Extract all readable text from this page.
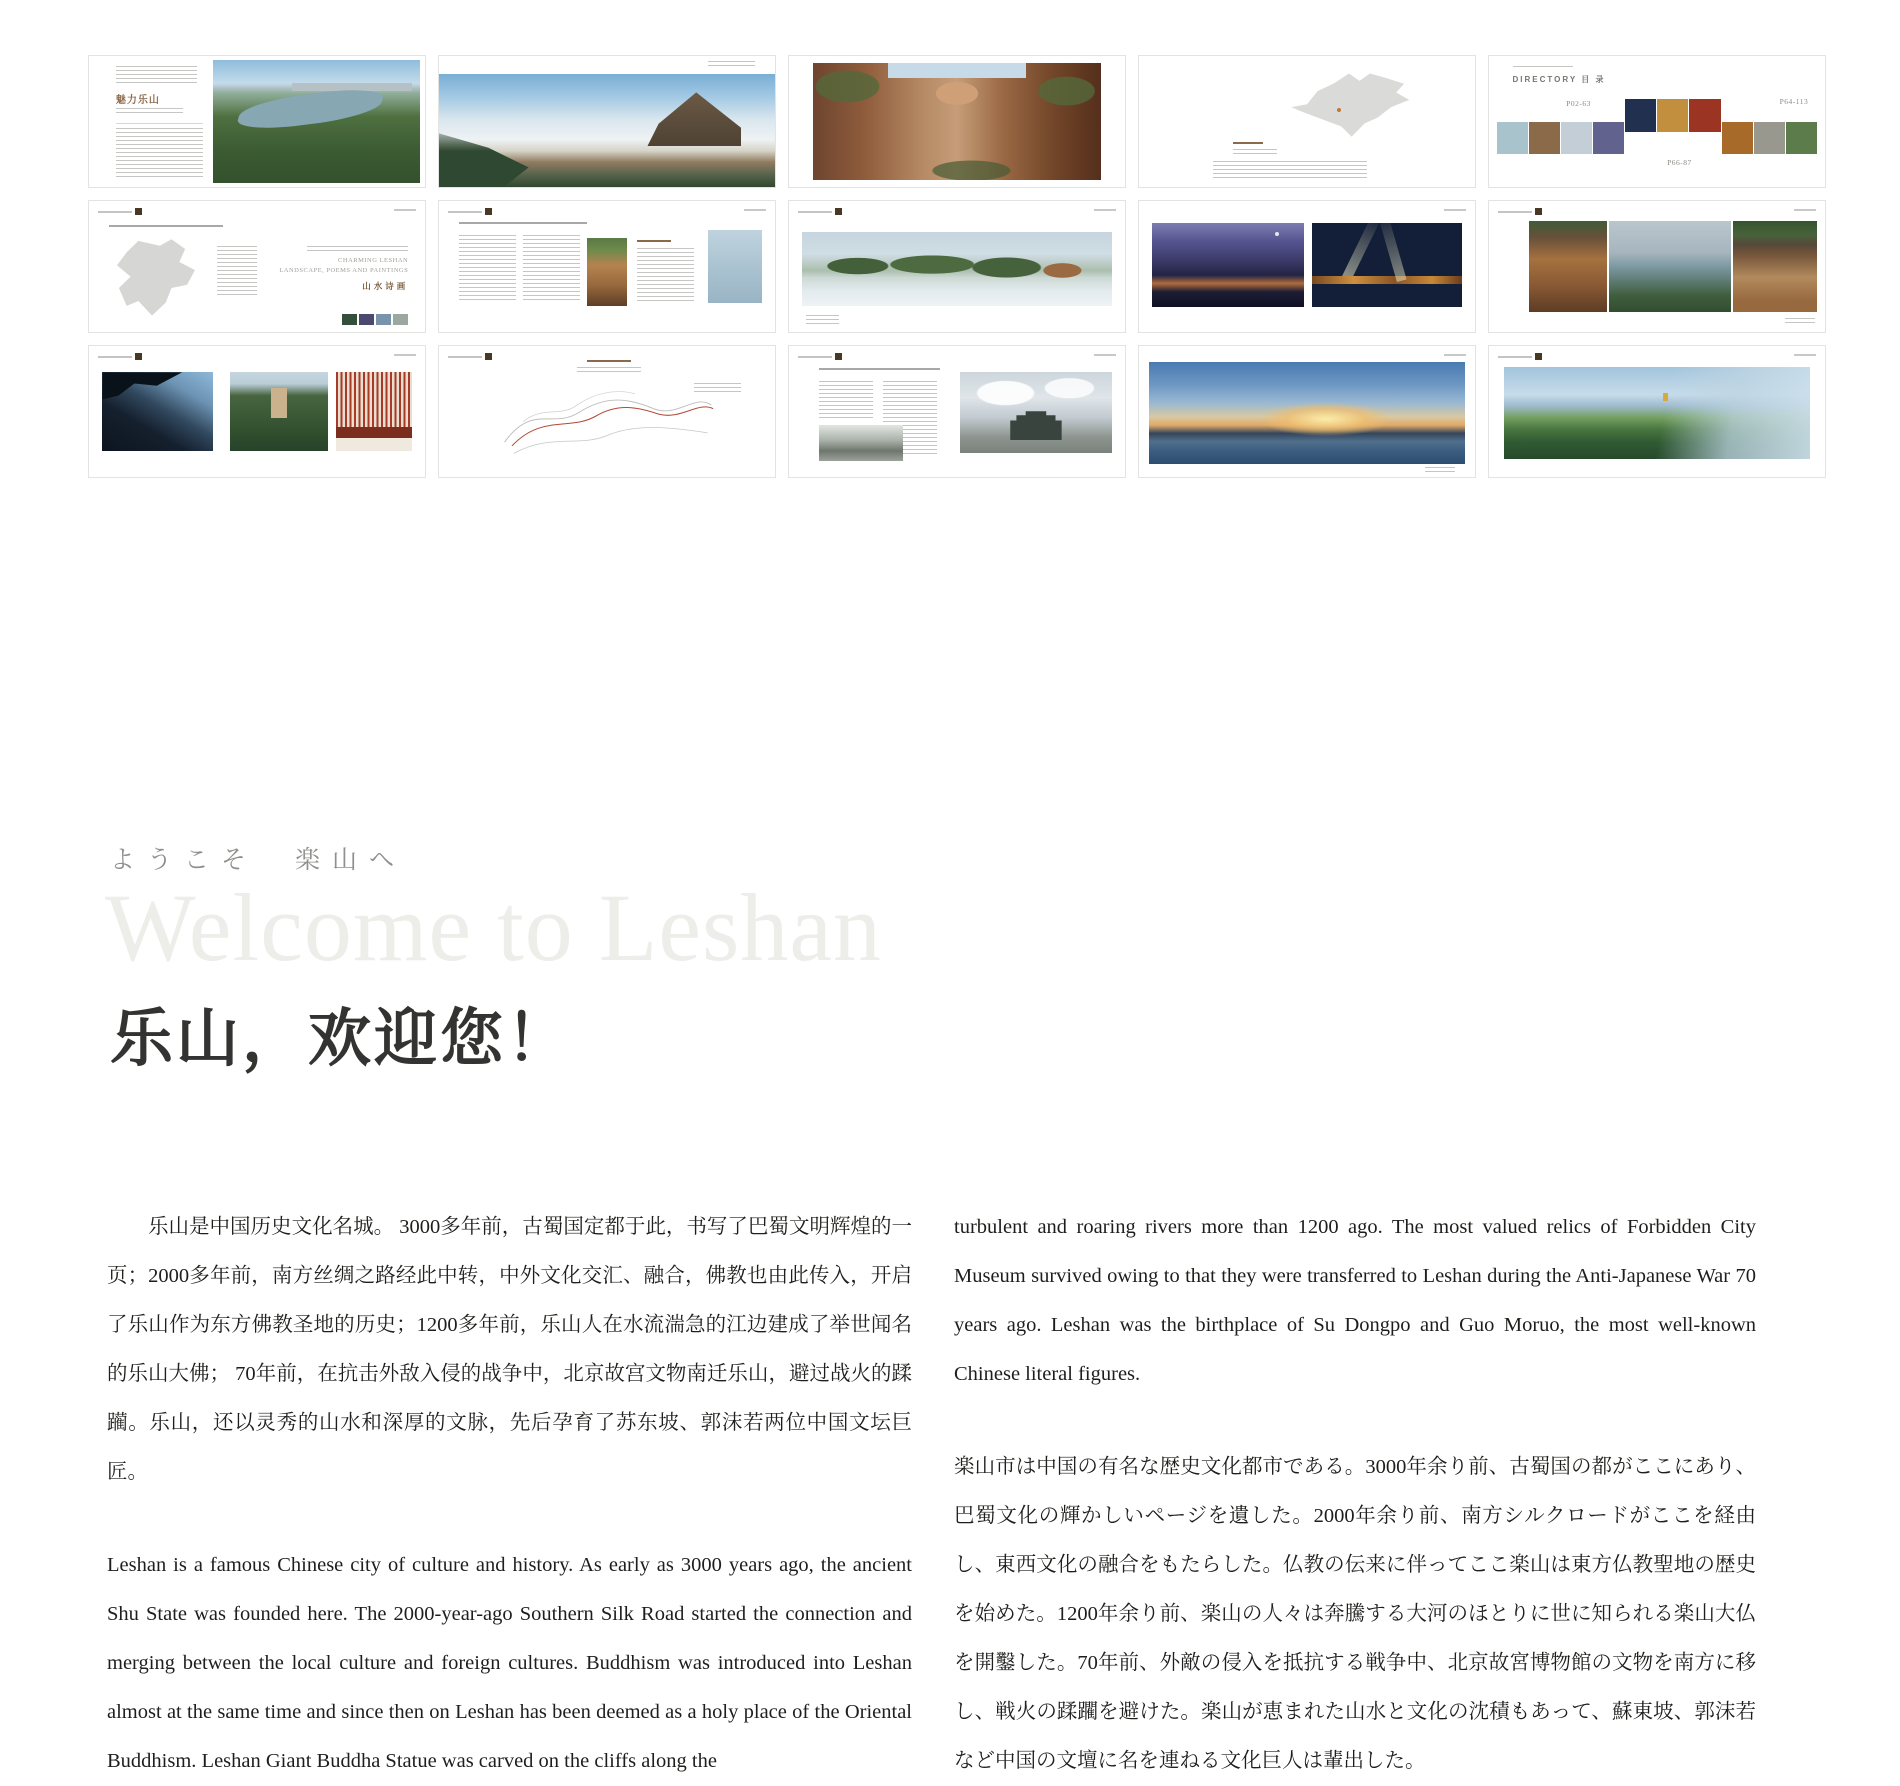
魅力乐山
DIRECTORY 目 录
P02-63	P64-113
P66-87
CHARMING LESHAN
LANDSCAPE, POEMS AND PAINTINGS
山水诗画
ようこそ　楽山へ
Welcome to Leshan
乐山，欢迎您！

乐山是中国历史文化名城。 3000多年前，古蜀国定都于此，书写了巴蜀文明辉煌的一页；2000多年前，南方丝绸之路经此中转，中外文化交汇、融合，佛教也由此传入，开启了乐山作为东方佛教圣地的历史；1200多年前，乐山人在水流湍急的江边建成了举世闻名的乐山大佛； 70年前，在抗击外敌入侵的战争中，北京故宫文物南迁乐山，避过战火的蹂躏。乐山，还以灵秀的山水和深厚的文脉，先后孕育了苏东坡、郭沫若两位中国文坛巨匠。

Leshan is a famous Chinese city of culture and history. As early as 3000 years ago, the ancient Shu State was founded here. The 2000-year-ago Southern Silk Road started the connection and merging between the local culture and foreign cultures. Buddhism was introduced into Leshan almost at the same time and since then on Leshan has been deemed as a holy place of the Oriental Buddhism. Leshan Giant Buddha Statue was carved on the cliffs along the

turbulent and roaring rivers more than 1200 ago. The most valued relics of Forbidden City Museum survived owing to that they were transferred to Leshan during the Anti-Japanese War 70 years ago. Leshan was the birthplace of Su Dongpo and Guo Moruo, the most well-known Chinese literal figures.

楽山市は中国の有名な歴史文化都市である。3000年余り前、古蜀国の都がここにあり、巴蜀文化の輝かしいページを遺した。2000年余り前、南方シルクロードがここを経由し、東西文化の融合をもたらした。仏教の伝来に伴ってここ楽山は東方仏教聖地の歴史を始めた。1200年余り前、楽山の人々は奔騰する大河のほとりに世に知られる楽山大仏を開鑿した。70年前、外敵の侵入を抵抗する戦争中、北京故宮博物館の文物を南方に移し、戦火の蹂躙を避けた。楽山が恵まれた山水と文化の沈積もあって、蘇東坡、郭沫若など中国の文壇に名を連ねる文化巨人は輩出した。
